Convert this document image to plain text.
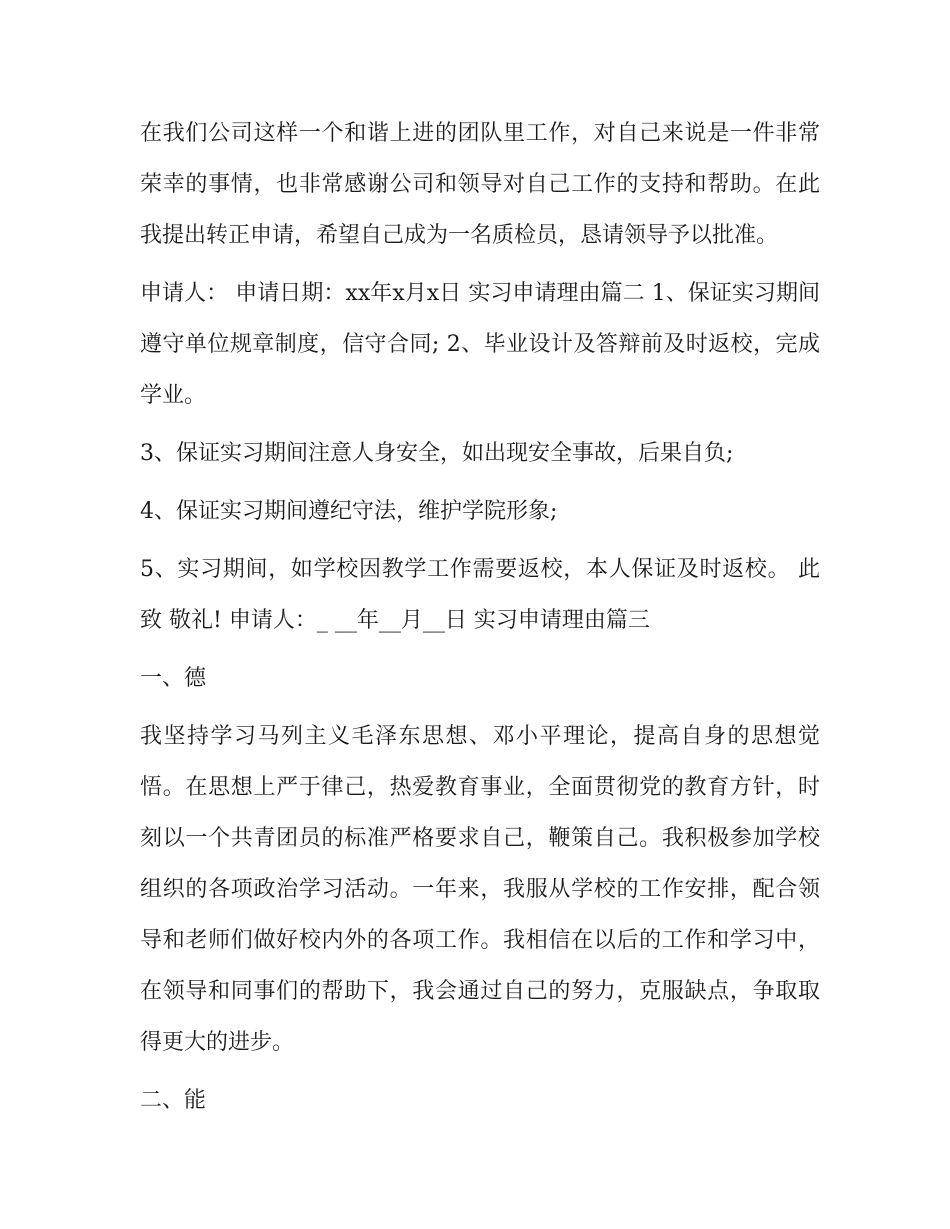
在我们公司这样一个和谐上进的团队里工作，对自己来说是一件非常荣幸的事情，也非常感谢公司和领导对自己工作的支持和帮助。在此我提出转正申请，希望自己成为一名质检员，恳请领导予以批准。

申请人： 申请日期：xx年x月x日 实习申请理由篇二 1、保证实习期间遵守单位规章制度，信守合同; 2、毕业设计及答辩前及时返校，完成学业。

3、保证实习期间注意人身安全，如出现安全事故，后果自负;

4、保证实习期间遵纪守法，维护学院形象;

5、实习期间，如学校因教学工作需要返校，本人保证及时返校。 此致 敬礼! 申请人：_ __年__月__日 实习申请理由篇三

一、德

我坚持学习马列主义毛泽东思想、邓小平理论，提高自身的思想觉悟。在思想上严于律己，热爱教育事业，全面贯彻党的教育方针，时刻以一个共青团员的标准严格要求自己，鞭策自己。我积极参加学校组织的各项政治学习活动。一年来，我服从学校的工作安排，配合领导和老师们做好校内外的各项工作。我相信在以后的工作和学习中，在领导和同事们的帮助下，我会通过自己的努力，克服缺点，争取取得更大的进步。

二、能
